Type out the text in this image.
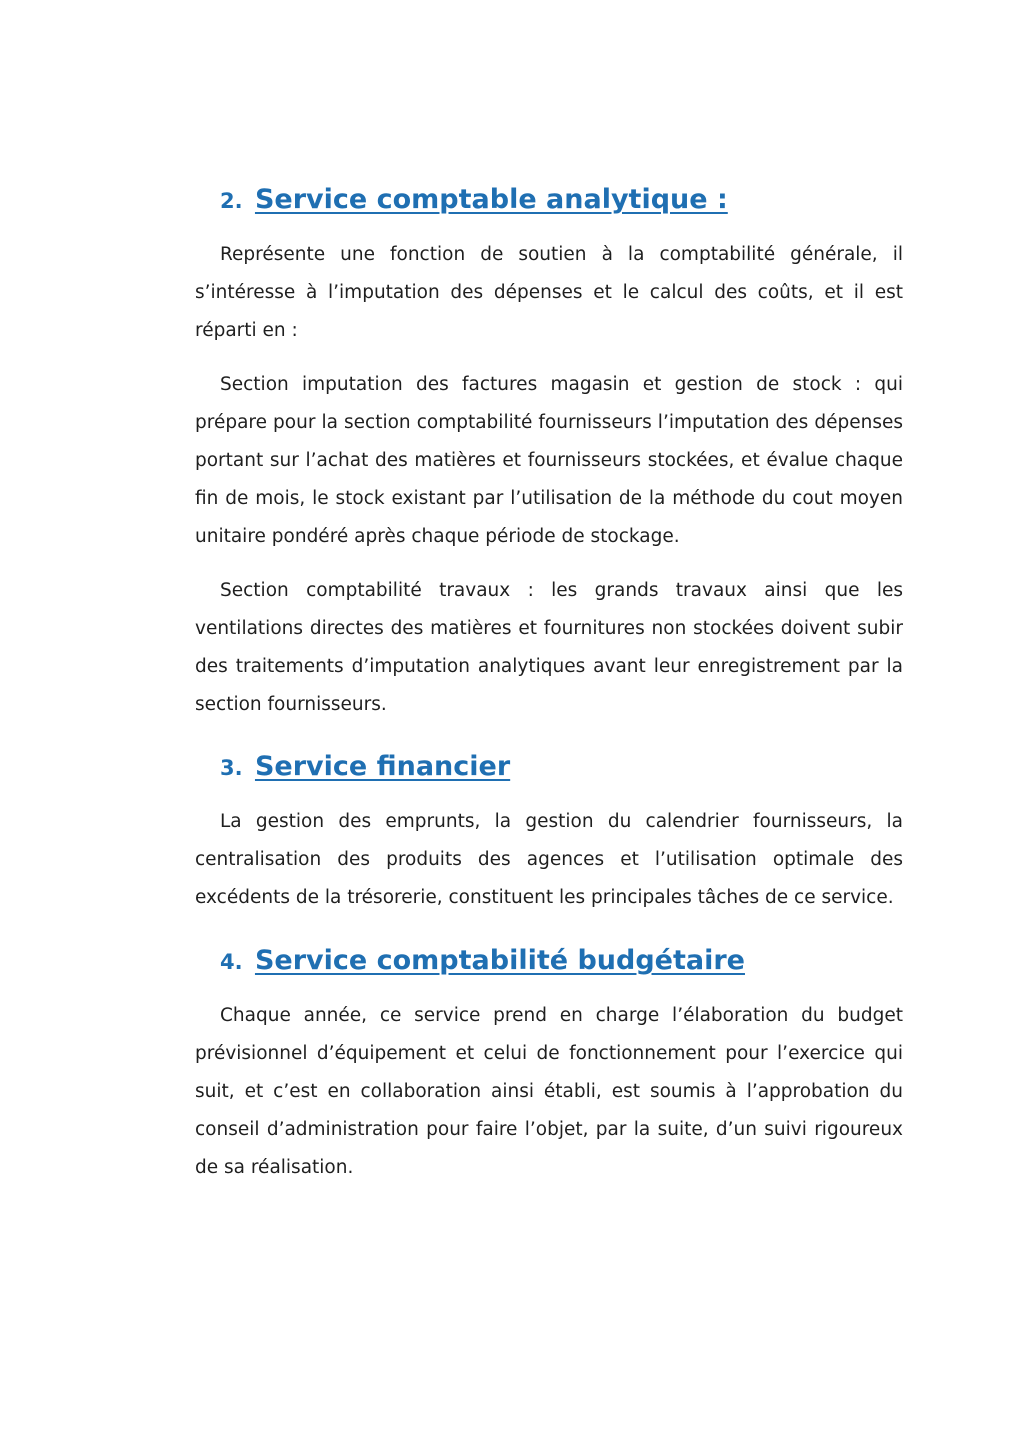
2. Service comptable analytique :

Représente une fonction de soutien à la comptabilité générale, il s’intéresse à l’imputation des dépenses et le calcul des coûts, et il est réparti en :

Section imputation des factures magasin et gestion de stock : qui prépare pour la section comptabilité fournisseurs l’imputation des dépenses portant sur l’achat des matières et fournisseurs stockées, et évalue chaque fin de mois, le stock existant par l’utilisation de la méthode du cout moyen unitaire pondéré après chaque période de stockage.

Section comptabilité travaux : les grands travaux ainsi que les ventilations directes des matières et fournitures non stockées doivent subir des traitements d’imputation analytiques avant leur enregistrement par la section fournisseurs.

3. Service financier

La gestion des emprunts, la gestion du calendrier fournisseurs, la centralisation des produits des agences et l’utilisation optimale des excédents de la trésorerie, constituent les principales tâches de ce service.

4. Service comptabilité budgétaire

Chaque année, ce service prend en charge l’élaboration du budget prévisionnel d’équipement et celui de fonctionnement pour l’exercice qui suit, et c’est en collaboration ainsi établi, est soumis à l’approbation du conseil d’administration pour faire l’objet, par la suite, d’un suivi rigoureux de sa réalisation.
